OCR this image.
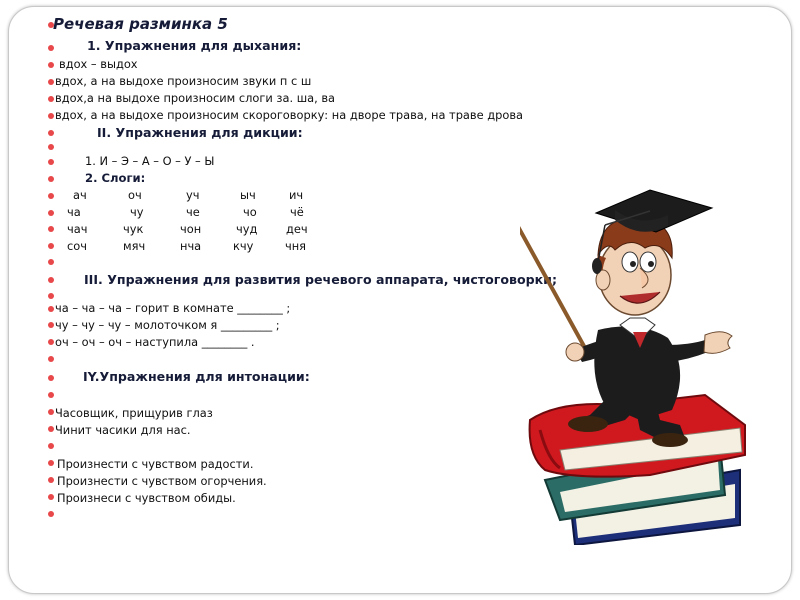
Речевая разминка 5
1. Упражнения для дыхания:
вдох – выдох
вдох, а на выдохе произносим звуки п с ш
вдох,а на выдохе произносим слоги за. ша, ва
вдох, а на выдохе произносим скороговорку: на дворе трава, на траве дрова
II. Упражнения для дикции:
1. И – Э – А – О – У – Ы
2. Слоги:
ач	оч	уч	ыч	ич
ча	чу	че	чо	чё
чач	чук	чон	чуд	деч
соч	мяч	нча	кчу	чня
III. Упражнения для развития речевого аппарата, чистоговорки;
ча – ча – ча – горит в комнате ________ ;
чу – чу – чу – молоточком я _________ ;
оч – оч – оч – наступила ________ .
IY.Упражнения для интонации:
Часовщик, прищурив глаз
Чинит часики для нас.
Произнести с чувством радости.
Произнести с чувством огорчения.
Произнеси с чувством обиды.
